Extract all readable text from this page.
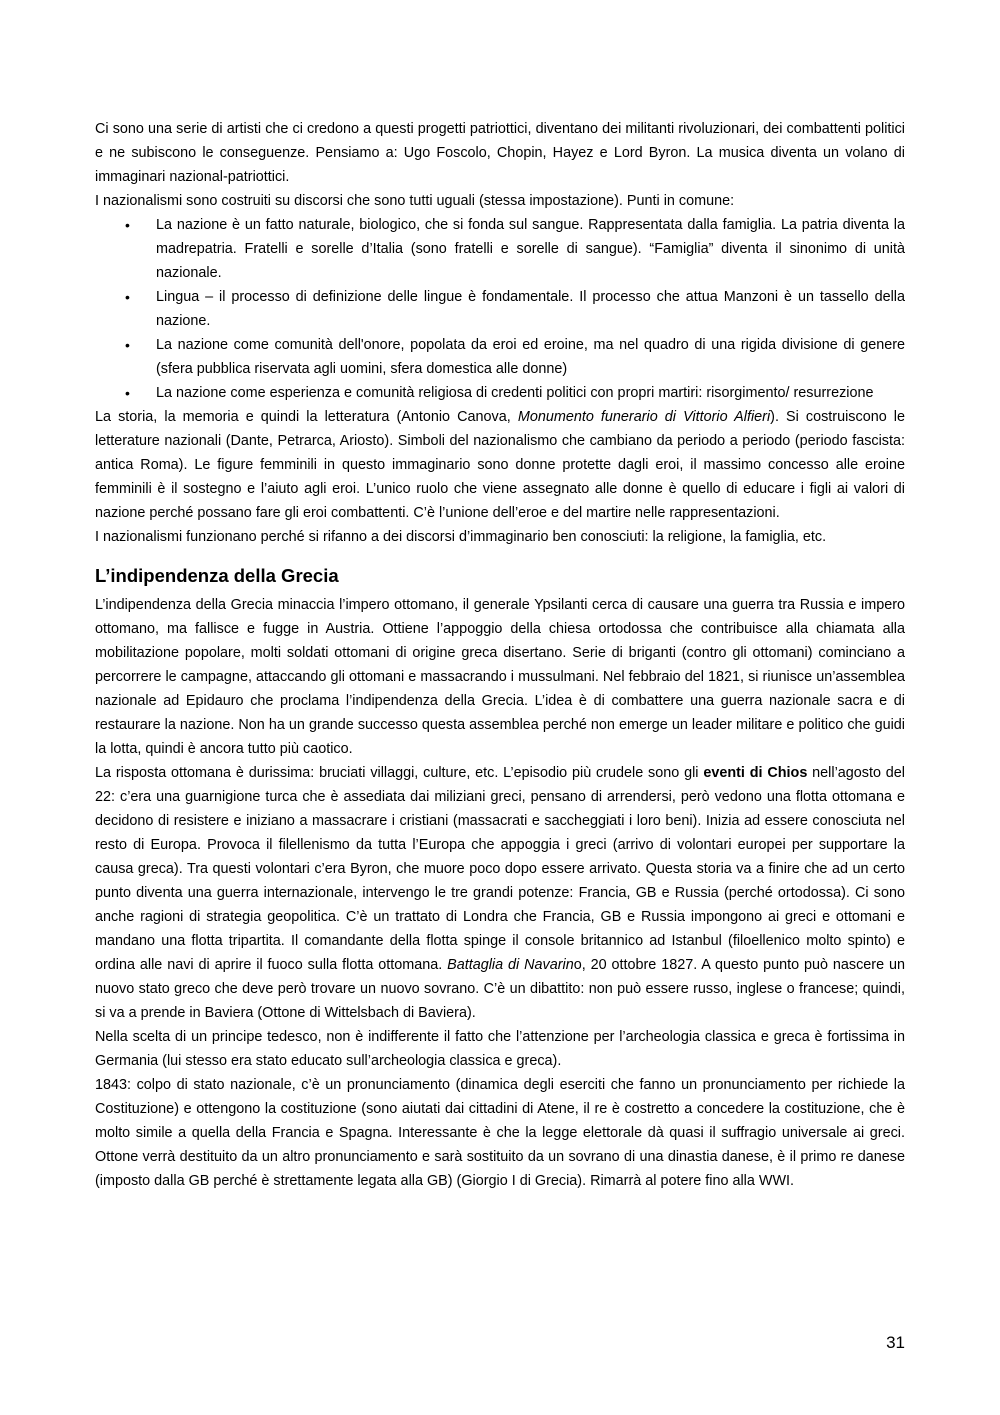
Ci sono una serie di artisti che ci credono a questi progetti patriottici, diventano dei militanti rivoluzionari, dei combattenti politici e ne subiscono le conseguenze. Pensiamo a: Ugo Foscolo, Chopin, Hayez e Lord Byron. La musica diventa un volano di immaginari nazional-patriottici.

I nazionalismi sono costruiti su discorsi che sono tutti uguali (stessa impostazione). Punti in comune:

• La nazione è un fatto naturale, biologico, che si fonda sul sangue. Rappresentata dalla famiglia. La patria diventa la madrepatria. Fratelli e sorelle d’Italia (sono fratelli e sorelle di sangue). “Famiglia” diventa il sinonimo di unità nazionale.
• Lingua – il processo di definizione delle lingue è fondamentale. Il processo che attua Manzoni è un tassello della nazione.
• La nazione come comunità dell'onore, popolata da eroi ed eroine, ma nel quadro di una rigida divisione di genere (sfera pubblica riservata agli uomini, sfera domestica alle donne)
• La nazione come esperienza e comunità religiosa di credenti politici con propri martiri: risorgimento/ resurrezione

La storia, la memoria e quindi la letteratura (Antonio Canova, Monumento funerario di Vittorio Alfieri). Si costruiscono le letterature nazionali (Dante, Petrarca, Ariosto). Simboli del nazionalismo che cambiano da periodo a periodo (periodo fascista: antica Roma). Le figure femminili in questo immaginario sono donne protette dagli eroi, il massimo concesso alle eroine femminili è il sostegno e l’aiuto agli eroi. L’unico ruolo che viene assegnato alle donne è quello di educare i figli ai valori di nazione perché possano fare gli eroi combattenti. C’è l’unione dell’eroe e del martire nelle rappresentazioni.

I nazionalismi funzionano perché si rifanno a dei discorsi d’immaginario ben conosciuti: la religione, la famiglia, etc.

L’indipendenza della Grecia

L’indipendenza della Grecia minaccia l’impero ottomano, il generale Ypsilanti cerca di causare una guerra tra Russia e impero ottomano, ma fallisce e fugge in Austria. Ottiene l’appoggio della chiesa ortodossa che contribuisce alla chiamata alla mobilitazione popolare, molti soldati ottomani di origine greca disertano. Serie di briganti (contro gli ottomani) cominciano a percorrere le campagne, attaccando gli ottomani e massacrando i mussulmani. Nel febbraio del 1821, si riunisce un’assemblea nazionale ad Epidauro che proclama l’indipendenza della Grecia. L’idea è di combattere una guerra nazionale sacra e di restaurare la nazione. Non ha un grande successo questa assemblea perché non emerge un leader militare e politico che guidi la lotta, quindi è ancora tutto più caotico.

La risposta ottomana è durissima: bruciati villaggi, culture, etc. L’episodio più crudele sono gli eventi di Chios nell’agosto del 22: c’era una guarnigione turca che è assediata dai miliziani greci, pensano di arrendersi, però vedono una flotta ottomana e decidono di resistere e iniziano a massacrare i cristiani (massacrati e saccheggiati i loro beni). Inizia ad essere conosciuta nel resto di Europa. Provoca il filellenismo da tutta l’Europa che appoggia i greci (arrivo di volontari europei per supportare la causa greca). Tra questi volontari c’era Byron, che muore poco dopo essere arrivato. Questa storia va a finire che ad un certo punto diventa una guerra internazionale, intervengo le tre grandi potenze: Francia, GB e Russia (perché ortodossa). Ci sono anche ragioni di strategia geopolitica. C’è un trattato di Londra che Francia, GB e Russia impongono ai greci e ottomani e mandano una flotta tripartita. Il comandante della flotta spinge il console britannico ad Istanbul (filoellenico molto spinto) e ordina alle navi di aprire il fuoco sulla flotta ottomana. Battaglia di Navarino, 20 ottobre 1827. A questo punto può nascere un nuovo stato greco che deve però trovare un nuovo sovrano. C’è un dibattito: non può essere russo, inglese o francese; quindi, si va a prende in Baviera (Ottone di Wittelsbach di Baviera).

Nella scelta di un principe tedesco, non è indifferente il fatto che l’attenzione per l’archeologia classica e greca è fortissima in Germania (lui stesso era stato educato sull’archeologia classica e greca).

1843: colpo di stato nazionale, c’è un pronunciamento (dinamica degli eserciti che fanno un pronunciamento per richiede la Costituzione) e ottengono la costituzione (sono aiutati dai cittadini di Atene, il re è costretto a concedere la costituzione, che è molto simile a quella della Francia e Spagna. Interessante è che la legge elettorale dà quasi il suffragio universale ai greci. Ottone verrà destituito da un altro pronunciamento e sarà sostituito da un sovrano di una dinastia danese, è il primo re danese (imposto dalla GB perché è strettamente legata alla GB) (Giorgio I di Grecia). Rimarrà al potere fino alla WWI.

31
